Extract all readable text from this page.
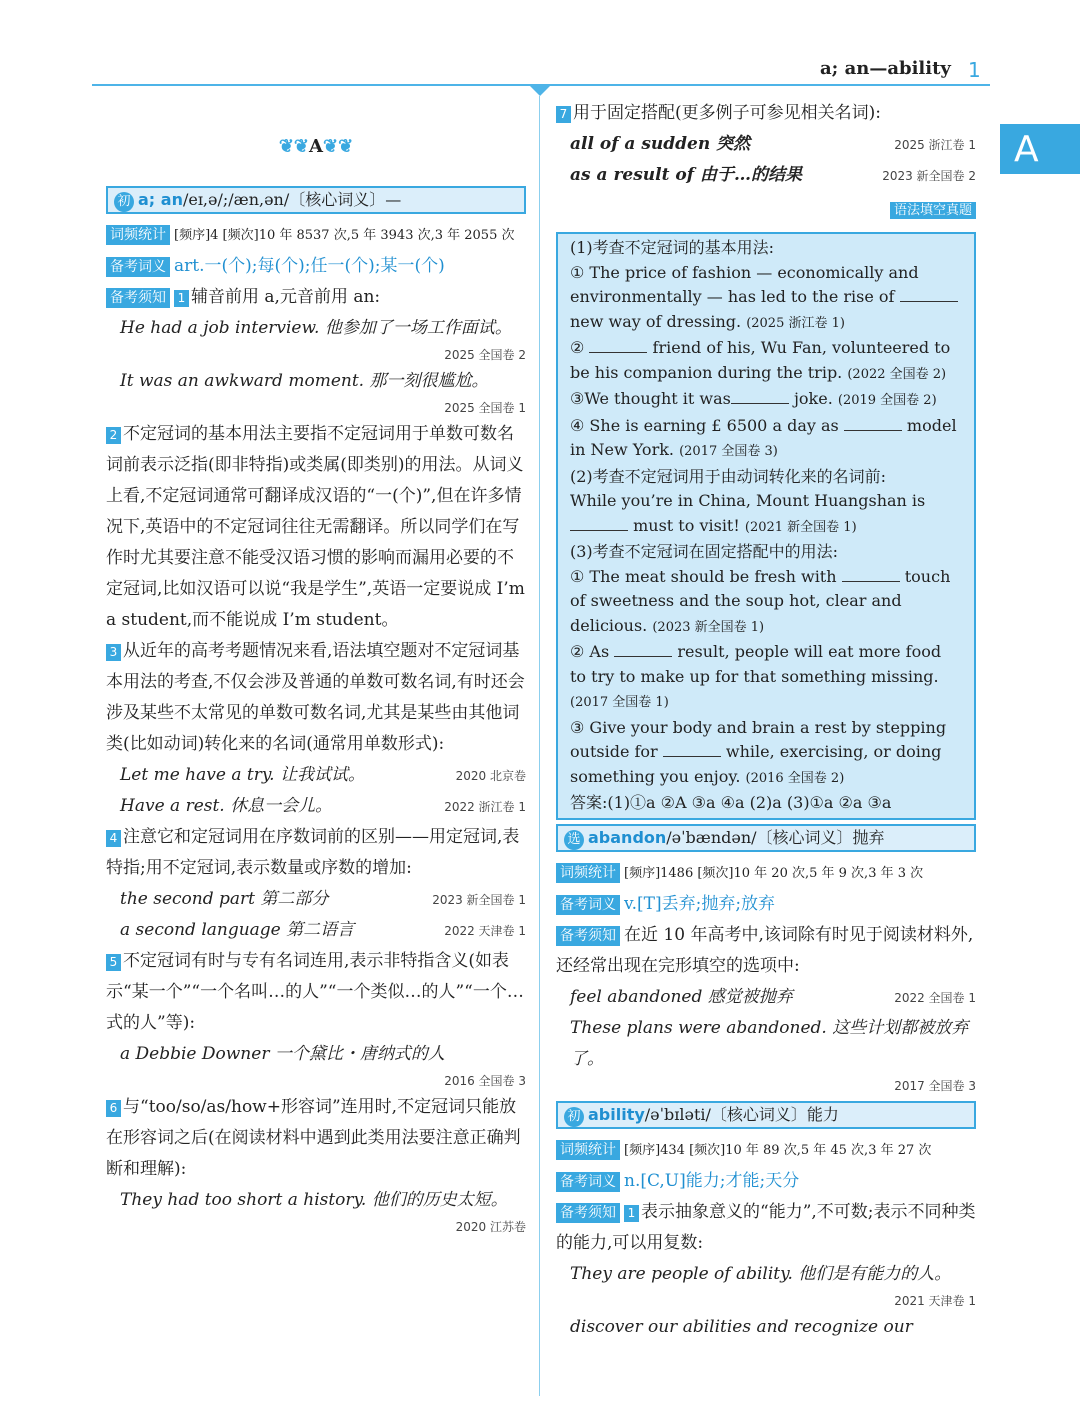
a; an—ability 1
A
❦❦ A ❦❦
初 a; an/eɪ,ə/;/æn,ən/〔核心词义〕—
词频统计 [频序]4 [频次]10 年 8537 次,5 年 3943 次,3 年 2055 次
备考词义 art.一(个);每(个);任一(个);某一(个)
备考须知 1 辅音前用 a,元音前用 an:
He had a job interview. 他参加了一场工作面试。
2025 全国卷 2
It was an awkward moment. 那一刻很尴尬。
2025 全国卷 1
2 不定冠词的基本用法主要指不定冠词用于单数可数名词前表示泛指(即非特指)或类属(即类别)的用法。从词义上看,不定冠词通常可翻译成汉语的“一(个)”,但在许多情况下,英语中的不定冠词往往无需翻译。所以同学们在写作时尤其要注意不能受汉语习惯的影响而漏用必要的不定冠词,比如汉语可以说“我是学生”,英语一定要说成 I’m a student,而不能说成 I’m student。
3 从近年的高考考题情况来看,语法填空题对不定冠词基本用法的考查,不仅会涉及普通的单数可数名词,有时还会涉及某些不太常见的单数可数名词,尤其是某些由其他词类(比如动词)转化来的名词(通常用单数形式):
Let me have a try. 让我试试。	2020 北京卷
Have a rest. 休息一会儿。	2022 浙江卷 1
4 注意它和定冠词用在序数词前的区别——用定冠词,表特指;用不定冠词,表示数量或序数的增加:
the second part 第二部分	2023 新全国卷 1
a second language 第二语言	2022 天津卷 1
5 不定冠词有时与专有名词连用,表示非特指含义(如表示“某一个”“一个名叫…的人”“一个类似…的人”“一个…式的人”等):
a Debbie Downer 一个黛比・唐纳式的人
2016 全国卷 3
6 与“too/so/as/how+形容词”连用时,不定冠词只能放在形容词之后(在阅读材料中遇到此类用法要注意正确判断和理解):
They had too short a history. 他们的历史太短。
2020 江苏卷
7 用于固定搭配(更多例子可参见相关名词):
all of a sudden 突然	2025 浙江卷 1
as a result of 由于…的结果	2023 新全国卷 2
语法填空真题
(1)考查不定冠词的基本用法:
① The price of fashion — economically and environmentally — has led to the rise of new way of dressing. (2025 浙江卷 1)
②	friend of his, Wu Fan, volunteered to be his companion during the trip. (2022 全国卷 2)
③We thought it was	joke. (2019 全国卷 2)
④ She is earning £ 6500 a day as	model in New York. (2017 全国卷 3)
(2)考查不定冠词用于由动词转化来的名词前:
While you’re in China, Mount Huangshan is  must to visit! (2021 新全国卷 1)
(3)考查不定冠词在固定搭配中的用法:
① The meat should be fresh with	touch of sweetness and the soup hot, clear and delicious. (2023 新全国卷 1)
② As	result, people will eat more food to try to make up for that something missing. (2017 全国卷 1)
③ Give your body and brain a rest by stepping outside for	while, exercising, or doing something you enjoy. (2016 全国卷 2)
答案:(1)①a ②A ③a ④a (2)a (3)①a ②a ③a
选 abandon/əˈbændən/〔核心词义〕抛弃
词频统计 [频序]1486 [频次]10 年 20 次,5 年 9 次,3 年 3 次
备考词义 v.[T]丢弃;抛弃;放弃
备考须知 在近 10 年高考中,该词除有时见于阅读材料外,还经常出现在完形填空的选项中:
feel abandoned 感觉被抛弃	2022 全国卷 1
These plans were abandoned. 这些计划都被放弃了。
2017 全国卷 3
初 ability/əˈbɪləti/〔核心词义〕能力
词频统计 [频序]434 [频次]10 年 89 次,5 年 45 次,3 年 27 次
备考词义 n.[C,U]能力;才能;天分
备考须知 1 表示抽象意义的“能力”,不可数;表示不同种类的能力,可以用复数:
They are people of ability. 他们是有能力的人。
2021 天津卷 1
discover our abilities and recognize our
